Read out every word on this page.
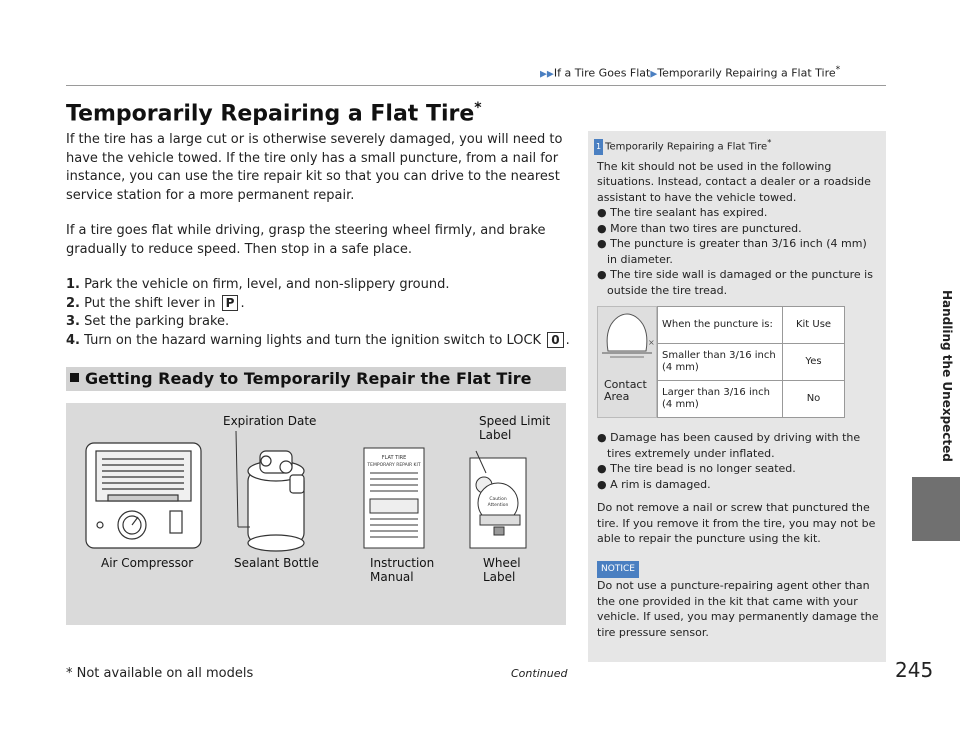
▶▶If a Tire Goes Flat▶Temporarily Repairing a Flat Tire*
Temporarily Repairing a Flat Tire*

If the tire has a large cut or is otherwise severely damaged, you will need to have the vehicle towed. If the tire only has a small puncture, from a nail for instance, you can use the tire repair kit so that you can drive to the nearest service station for a more permanent repair.

If a tire goes flat while driving, grasp the steering wheel firmly, and brake gradually to reduce speed. Then stop in a safe place.

1. Park the vehicle on firm, level, and non-slippery ground.
2. Put the shift lever in P .
3. Set the parking brake.
4. Turn on the hazard warning lights and turn the ignition switch to LOCK 0 .
Getting Ready to Temporarily Repair the Flat Tire
FLAT TIRE
TEMPORARY REPAIR KIT
Caution
Attention
Expiration Date	Speed Limit
Label
Air Compressor	Sealant Bottle	Instruction
Manual
Wheel
Label
1 Temporarily Repairing a Flat Tire*

The kit should not be used in the following situations. Instead, contact a dealer or a roadside assistant to have the vehicle towed.

● The tire sealant has expired.
● More than two tires are punctured.
● The puncture is greater than 3/16 inch (4 mm) in diameter.
● The tire side wall is damaged or the puncture is outside the tire tread.
×
Contact
Area
When the puncture is:	Kit Use
Smaller than 3/16 inch (4 mm)	Yes
Larger than 3/16 inch (4 mm)	No
● Damage has been caused by driving with the tires extremely under inflated.
● The tire bead is no longer seated.
● A rim is damaged.

Do not remove a nail or screw that punctured the tire. If you remove it from the tire, you may not be able to repair the puncture using the kit.

NOTICE

Do not use a puncture-repairing agent other than the one provided in the kit that came with your vehicle. If used, you may permanently damage the tire pressure sensor.

Handling the Unexpected
* Not available on all models	Continued	245
